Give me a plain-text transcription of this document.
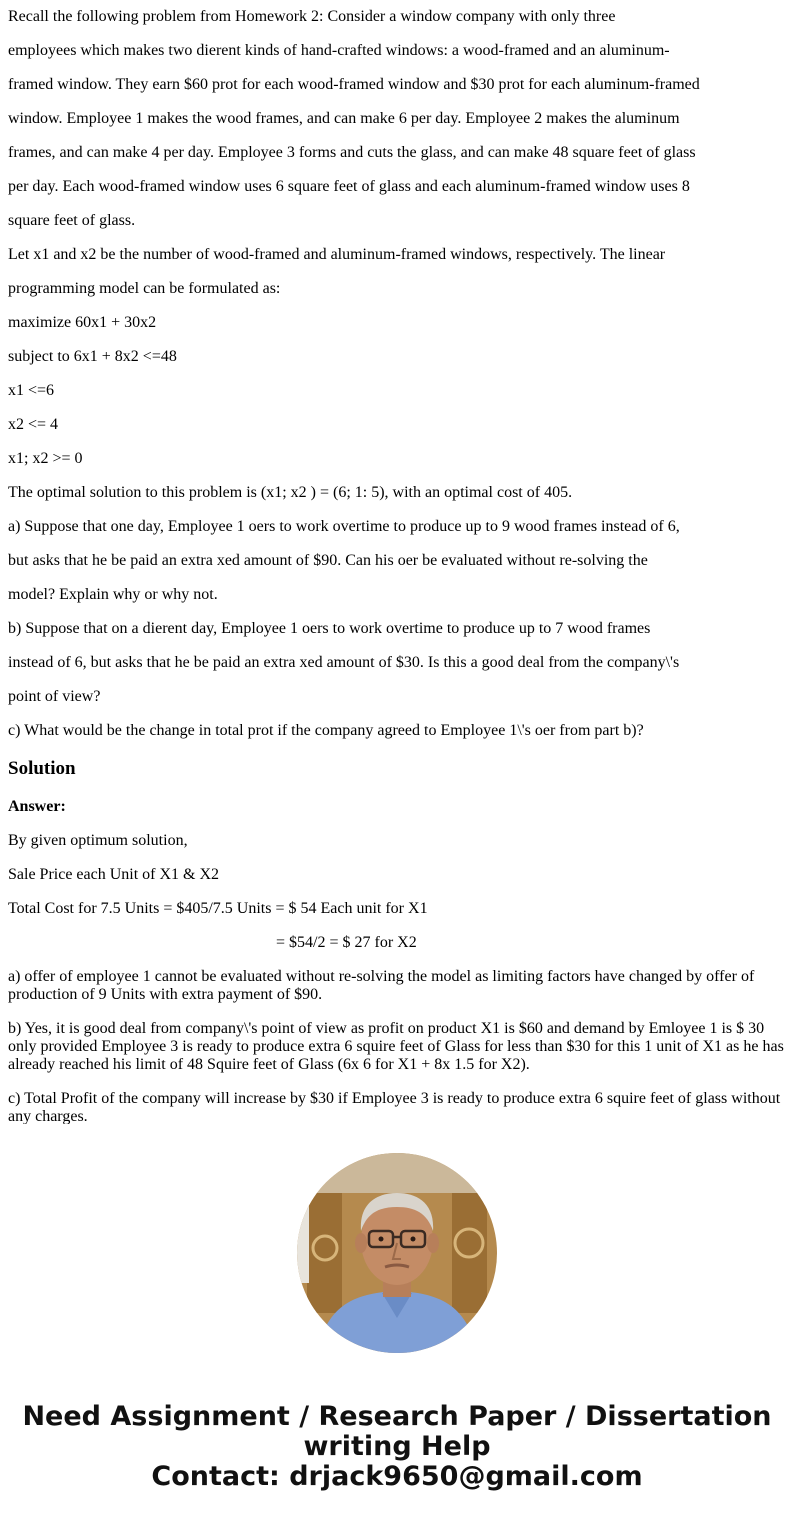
Recall the following problem from Homework 2: Consider a window company with only three
employees which makes two dierent kinds of hand-crafted windows: a wood-framed and an aluminum-
framed window. They earn $60 prot for each wood-framed window and $30 prot for each aluminum-framed
window. Employee 1 makes the wood frames, and can make 6 per day. Employee 2 makes the aluminum
frames, and can make 4 per day. Employee 3 forms and cuts the glass, and can make 48 square feet of glass
per day. Each wood-framed window uses 6 square feet of glass and each aluminum-framed window uses 8
square feet of glass.
Let x1 and x2 be the number of wood-framed and aluminum-framed windows, respectively. The linear
programming model can be formulated as:
maximize 60x1 + 30x2
subject to 6x1 + 8x2 <=48
x1 <=6
x2 <= 4
x1; x2 >= 0
The optimal solution to this problem is (x1; x2 ) = (6; 1: 5), with an optimal cost of 405.
a) Suppose that one day, Employee 1 oers to work overtime to produce up to 9 wood frames instead of 6,
but asks that he be paid an extra xed amount of $90. Can his oer be evaluated without re-solving the
model? Explain why or why not.
b) Suppose that on a dierent day, Employee 1 oers to work overtime to produce up to 7 wood frames
instead of 6, but asks that he be paid an extra xed amount of $30. Is this a good deal from the company\'s
point of view?
c) What would be the change in total prot if the company agreed to Employee 1\'s oer from part b)?
Solution
Answer:
By given optimum solution,
Sale Price each Unit of X1 & X2
Total Cost for 7.5 Units = $405/7.5 Units = $ 54 Each unit for X1
= $54/2 = $ 27 for X2

a) offer of employee 1 cannot be evaluated without re-solving the model as limiting factors have changed by offer of production of 9 Units with extra payment of $90.

b) Yes, it is good deal from company\'s point of view as profit on product X1 is $60 and demand by Emloyee 1 is $ 30 only provided Employee 3 is ready to produce extra 6 squire feet of Glass for less than $30 for this 1 unit of X1 as he has already reached his limit of 48 Squire feet of Glass (6x 6 for X1 + 8x 1.5 for X2).

c) Total Profit of the company will increase by $30 if Employee 3 is ready to produce extra 6 squire feet of glass without any charges.

Need Assignment / Research Paper / Dissertation
writing Help
Contact: drjack9650@gmail.com
